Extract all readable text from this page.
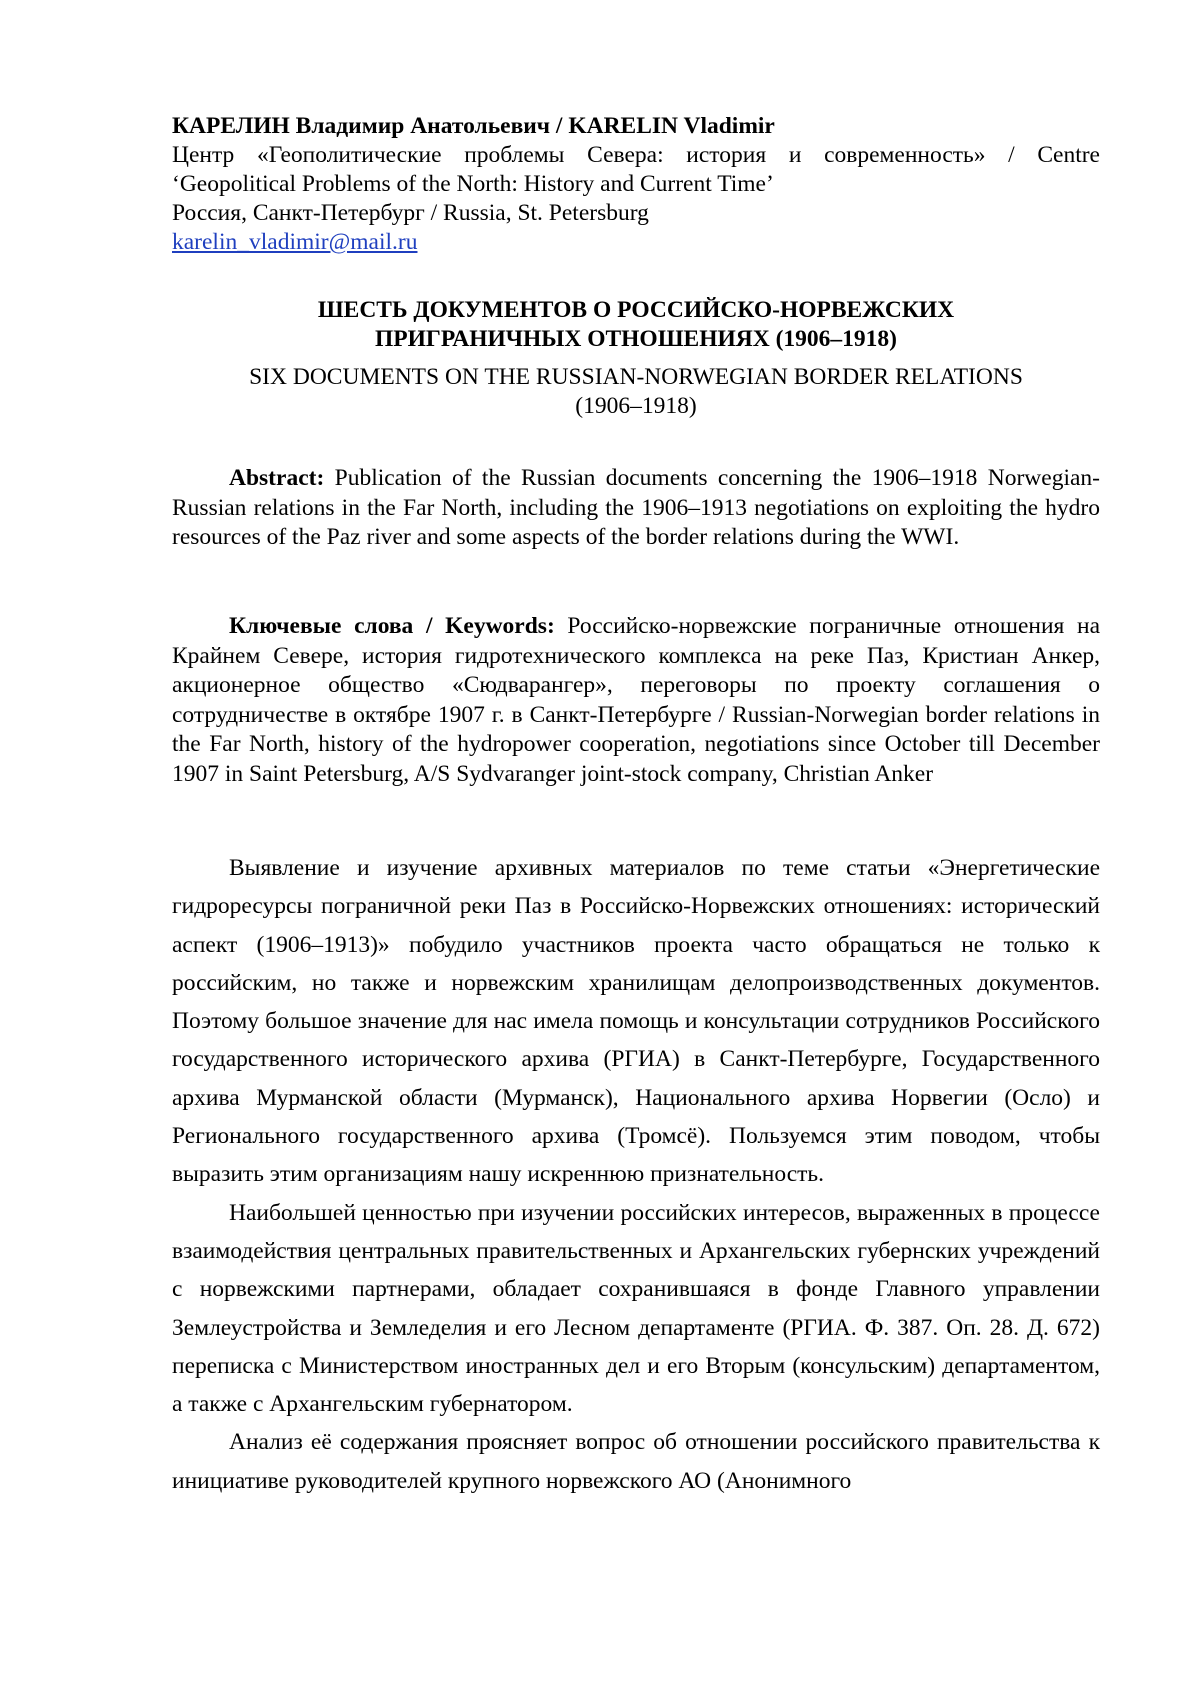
КАРЕЛИН Владимир Анатольевич / KARELIN Vladimir
Центр «Геополитические проблемы Севера: история и современность» / Centre
‘Geopolitical Problems of the North: History and Current Time’
Россия, Санкт-Петербург / Russia, St. Petersburg
karelin_vladimir@mail.ru
ШЕСТЬ ДОКУМЕНТОВ О РОССИЙСКО-НОРВЕЖСКИХ
ПРИГРАНИЧНЫХ ОТНОШЕНИЯХ (1906–1918)
SIX DOCUMENTS ON THE RUSSIAN-NORWEGIAN BORDER RELATIONS
(1906–1918)
Abstract: Publication of the Russian documents concerning the 1906–1918 Norwegian-Russian relations in the Far North, including the 1906–1913 negotiations on exploiting the hydro resources of the Paz river and some aspects of the border relations during the WWI.
Ключевые слова / Keywords: Российско-норвежские пограничные отношения на Крайнем Севере, история гидротехнического комплекса на реке Паз, Кристиан Анкер, акционерное общество «Сюдварангер», переговоры по проекту соглашения о сотрудничестве в октябре 1907 г. в Санкт-Петербурге / Russian-Norwegian border relations in the Far North, history of the hydropower cooperation, negotiations since October till December 1907 in Saint Petersburg, A/S Sydvaranger joint-stock company, Christian Anker

Выявление и изучение архивных материалов по теме статьи «Энергетические гидроресурсы пограничной реки Паз в Российско-Норвежских отношениях: исторический аспект (1906–1913)» побудило участников проекта часто обращаться не только к российским, но также и норвежским хранилищам делопроизводственных документов. Поэтому большое значение для нас имела помощь и консультации сотрудников Российского государственного исторического архива (РГИА) в Санкт-Петербурге, Государственного архива Мурманской области (Мурманск), Национального архива Норвегии (Осло) и Регионального государственного архива (Тромсё). Пользуемся этим поводом, чтобы выразить этим организациям нашу искреннюю признательность.

Наибольшей ценностью при изучении российских интересов, выраженных в процессе взаимодействия центральных правительственных и Архангельских губернских учреждений с норвежскими партнерами, обладает сохранившаяся в фонде Главного управлении Землеустройства и Земледелия и его Лесном департаменте (РГИА. Ф. 387. Оп. 28. Д. 672) переписка с Министерством иностранных дел и его Вторым (консульским) департаментом, а также с Архангельским губернатором.

Анализ её содержания проясняет вопрос об отношении российского правительства к инициативе руководителей крупного норвежского АО (Анонимного
